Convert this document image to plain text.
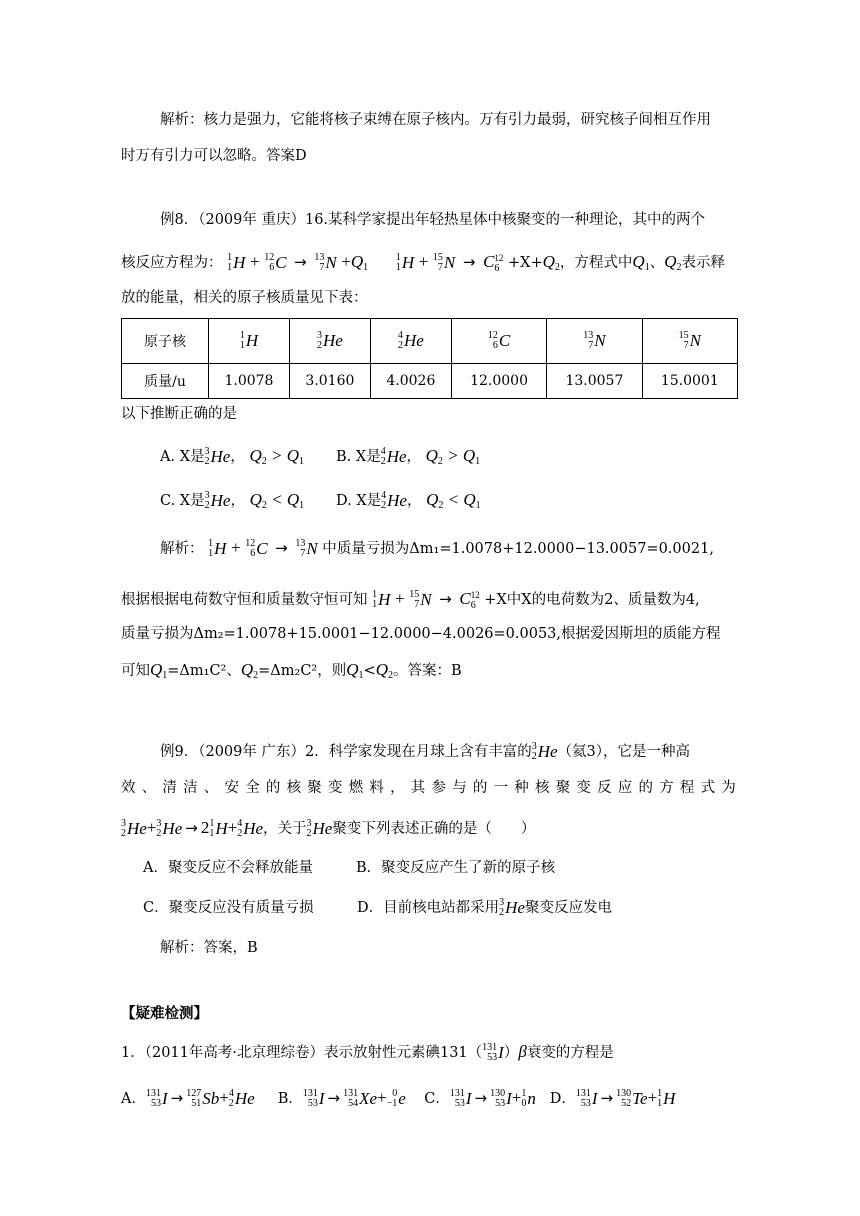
解析：核力是强力，它能将核子束缚在原子核内。万有引力最弱，研究核子间相互作用
时万有引力可以忽略。答案D
例8．（2009年 重庆）16.某科学家提出年轻热星体中核聚变的一种理论，其中的两个
核反应方程为： 1
1 H + 12
6 C → 13
7 $N +Q_1$
1
1 H + 15
7 $N \to C_6^{12} +X+Q_2$，方程式中$Q_1$、$Q_2$表示释
放的能量，相关的原子核质量见下表：
原子核	1
1 H	3
2 He	4
2 He	12
6 C	13
7 N	15
7 N
质量/u	1.0078	3.0160	4.0026	12.0000	13.0057	15.0001
以下推断正确的是
A. X是 3
2 He， $Q_2 > Q_1$ B. X是 4
2 He， $Q_2 > Q_1$
C. X是 3
2 He， $Q_2 < Q_1$ D. X是 4
2 He， $Q_2 < Q_1$
解析： 1
1 H + 12
6 C → 13
7 N 中质量亏损为Δm₁=1.0078+12.0000−13.0057=0.0021,
根据根据电荷数守恒和质量数守恒可知 1
1 H + 15
7 $N \to C_6^{12} +X$中X的电荷数为2、质量数为4,
质量亏损为Δm₂=1.0078+15.0001−12.0000−4.0026=0.0053,根据爱因斯坦的质能方程
可知$Q_1=\Delta m_1C^2$、$Q_2=\Delta m_2C^2$，则$Q_1<Q_2$。答案：B
例9．（2009年 广东）2．科学家发现在月球上含有丰富的 3
2 He（氦3），它是一种高
效、清洁、安全的核聚变燃料，其参与的一种核聚变反应的方程式为
3
2 He+ 3
2 He → 2 1
1 H+ 4
2 He，关于 3
2 He聚变下列表述正确的是（　　）
A．聚变反应不会释放能量	B．聚变反应产生了新的原子核
C．聚变反应没有质量亏损	D．目前核电站都采用 3
2 He聚变反应发电
解析：答案，B
【疑难检测】
1．（2011年高考·北京理综卷）表示放射性元素碘131（ 131
53 I）β衰变的方程是
A． 131
53 I → 127
51 Sb+ 4
2 He B． 131
53 I → 131
54 Xe+ 0
−1 e C． 131
53 I → 130
53 I+ 1
0 n D． 131
53 I → 130
52 Te+ 1
1 H
